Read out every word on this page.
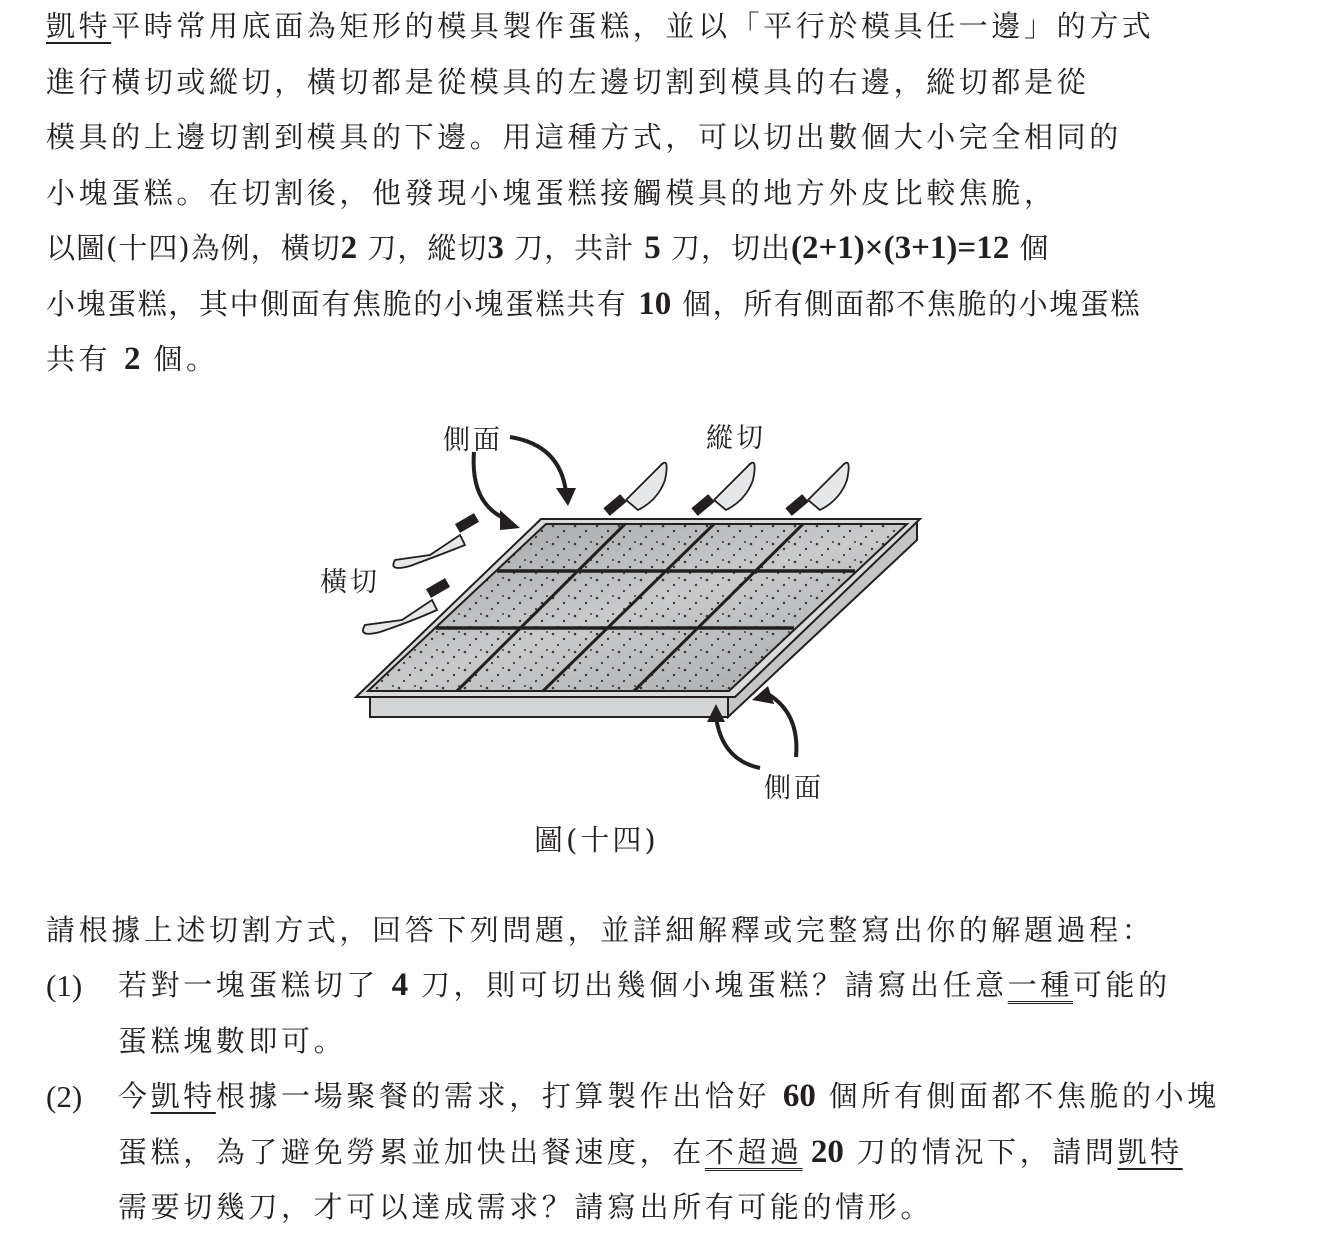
凱特平時常用底面為矩形的模具製作蛋糕，並以「平行於模具任一邊」的方式
進行橫切或縱切，橫切都是從模具的左邊切割到模具的右邊，縱切都是從
模具的上邊切割到模具的下邊。用這種方式，可以切出數個大小完全相同的
小塊蛋糕。在切割後，他發現小塊蛋糕接觸模具的地方外皮比較焦脆，
以圖(十四)為例，橫切2 刀，縱切3 刀，共計 5 刀，切出(2+1)×(3+1)=12 個
小塊蛋糕，其中側面有焦脆的小塊蛋糕共有 10 個，所有側面都不焦脆的小塊蛋糕
共有 2 個。
側面	縱切
橫切
側面
圖(十四)
請根據上述切割方式，回答下列問題，並詳細解釋或完整寫出你的解題過程：
(1) 若對一塊蛋糕切了 4 刀，則可切出幾個小塊蛋糕？請寫出任意一種可能的
蛋糕塊數即可。
(2) 今凱特根據一場聚餐的需求，打算製作出恰好 60 個所有側面都不焦脆的小塊
蛋糕，為了避免勞累並加快出餐速度，在不超過 20 刀的情況下，請問凱特
需要切幾刀，才可以達成需求？請寫出所有可能的情形。
